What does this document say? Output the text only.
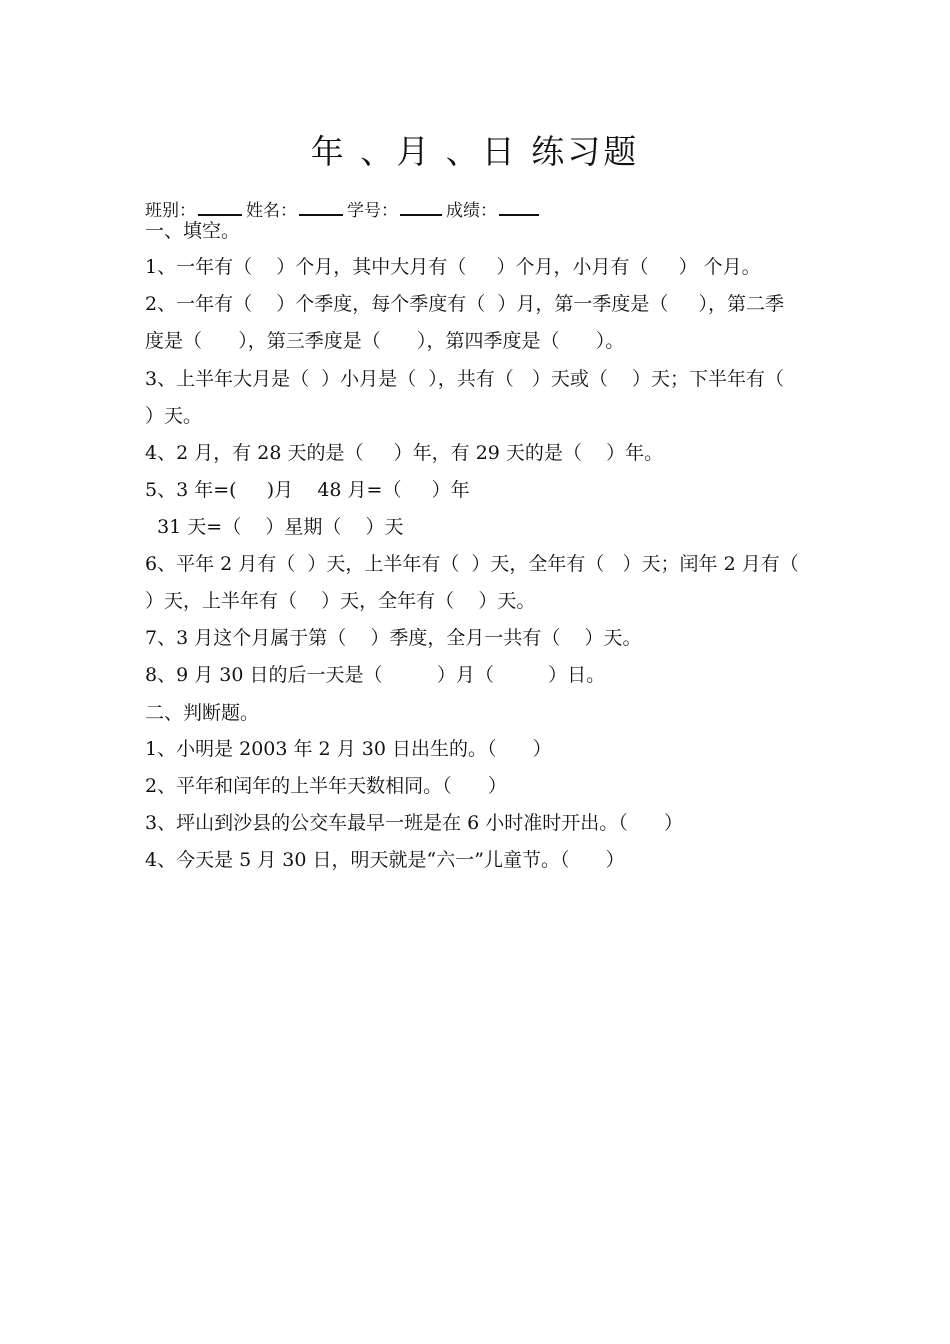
年 、月 、日 练习题
班别：	姓名：	学号：	成绩：
一、填空。
1、一年有（    ）个月，其中大月有（     ）个月，小月有（     ） 个月。
2、一年有（    ）个季度，每个季度有（  ）月，第一季度是（     ），第二季
度是（      ），第三季度是（      ），第四季度是（      ）。
3、上半年大月是（  ）小月是（  ），共有（   ）天或（    ）天；下半年有（
）天。
4、2 月，有 28 天的是（     ）年，有 29 天的是（    ）年。
5、3 年=(     )月    48 月=（     ）年
31 天=（    ）星期（    ）天
6、平年 2 月有（  ）天，上半年有（  ）天，全年有（   ）天；闰年 2 月有（
）天，上半年有（    ）天，全年有（    ）天。
7、3 月这个月属于第（    ）季度，全月一共有（    ）天。
8、9 月 30 日的后一天是（         ）月（         ）日。
二、判断题。
1、小明是 2003 年 2 月 30 日出生的。（      ）
2、平年和闰年的上半年天数相同。（      ）
3、坪山到沙县的公交车最早一班是在 6 小时准时开出。（      ）
4、今天是 5 月 30 日，明天就是“六一”儿童节。（      ）
